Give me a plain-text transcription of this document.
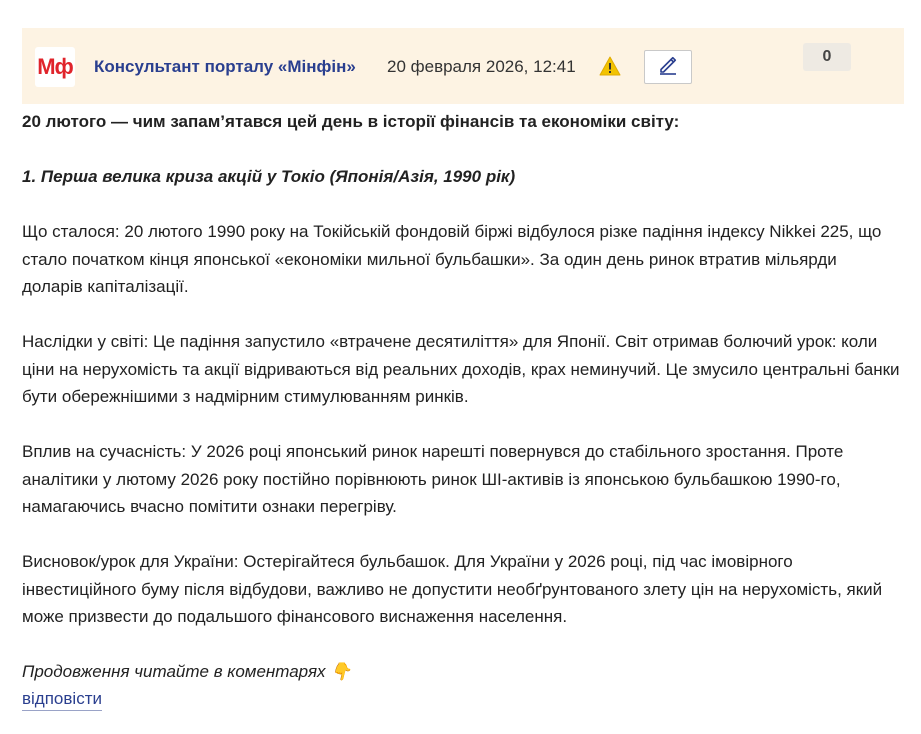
Мф Консультант порталу «Мінфін» 20 февраля 2026, 12:41
0

20 лютого — чим запам’ятався цей день в історії фінансів та економіки світу:

1. Перша велика криза акцій у Токіо (Японія/Азія, 1990 рік)

Що сталося: 20 лютого 1990 року на Токійській фондовій біржі відбулося різке падіння індексу Nikkei 225, що стало початком кінця японської «економіки мильної бульбашки». За один день ринок втратив мільярди доларів капіталізації.

Наслідки у світі: Це падіння запустило «втрачене десятиліття» для Японії. Світ отримав болючий урок: коли ціни на нерухомість та акції відриваються від реальних доходів, крах неминучий. Це змусило центральні банки бути обережнішими з надмірним стимулюванням ринків.

Вплив на сучасність: У 2026 році японський ринок нарешті повернувся до стабільного зростання. Проте аналітики у лютому 2026 року постійно порівнюють ринок ШІ-активів із японською бульбашкою 1990-го, намагаючись вчасно помітити ознаки перегріву.

Висновок/урок для України: Остерігайтеся бульбашок. Для України у 2026 році, під час імовірного інвестиційного буму після відбудови, важливо не допустити необґрунтованого злету цін на нерухомість, який може призвести до подальшого фінансового виснаження населення.

Продовження читайте в коментарях 👇

відповісти
